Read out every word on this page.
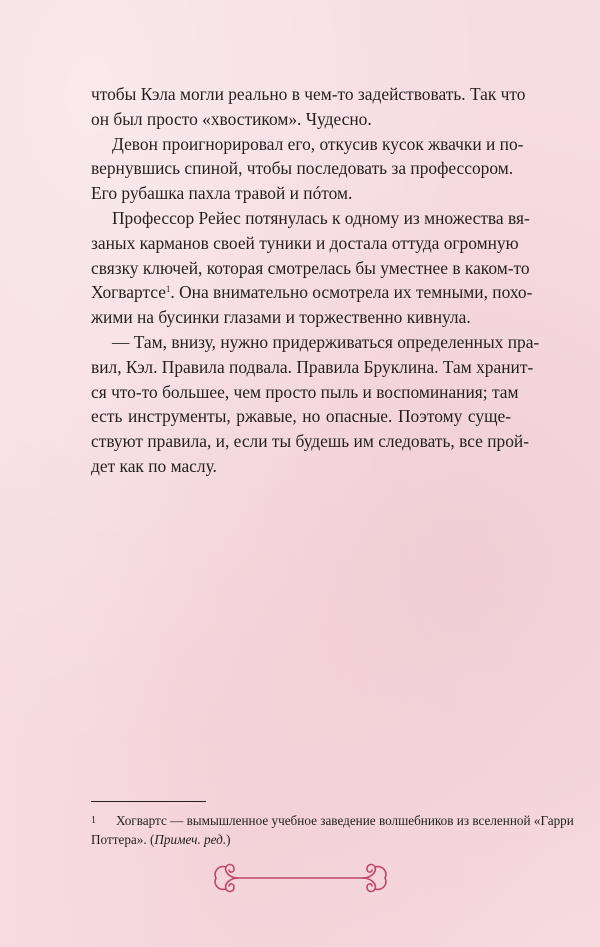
чтобы Кэла могли реально в чем-то задействовать. Так что
он был просто «хвостиком». Чудесно.
Девон проигнорировал его, откусив кусок жвачки и по-
вернувшись спиной, чтобы последовать за профессором.
Его рубашка пахла травой и пóтом.
Профессор Рейес потянулась к одному из множества вя-
заных карманов своей туники и достала оттуда огромную
связку ключей, которая смотрелась бы уместнее в каком-то
Хогвартсе$^1$. Она внимательно осмотрела их темными, похо-
жими на бусинки глазами и торжественно кивнула.
— Там, внизу, нужно придерживаться определенных пра-
вил, Кэл. Правила подвала. Правила Бруклина. Там хранит-
ся что-то большее, чем просто пыль и воспоминания; там
есть инструменты, ржавые, но опасные. Поэтому суще-
ствуют правила, и, если ты будешь им следовать, все прой-
дет как по маслу.
1 Хогвартс — вымышленное учебное заведение волшебников из вселенной «Гарри
Поттера». (Примеч. ред.)
